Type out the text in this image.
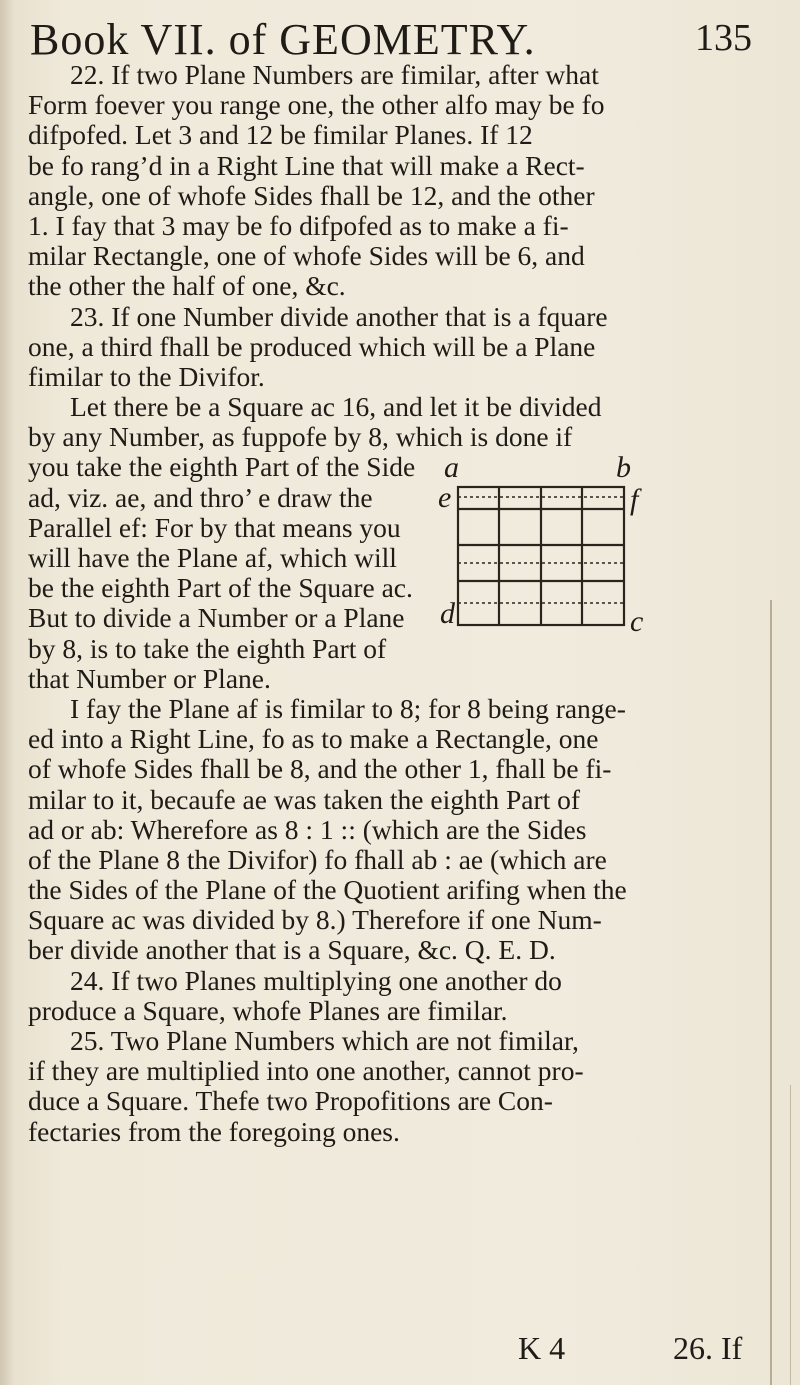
Book VII. of GEOMETRY.	135
22. If two Plane Numbers are fimilar, after what
Form foever you range one, the other alfo may be fo
difpofed. Let 3 and 12 be fimilar Planes. If 12
be fo rang’d in a Right Line that will make a Rect-
angle, one of whofe Sides fhall be 12, and the other
1. I fay that 3 may be fo difpofed as to make a fi-
milar Rectangle, one of whofe Sides will be 6, and
the other the half of one, &c.
23. If one Number divide another that is a fquare
one, a third fhall be produced which will be a Plane
fimilar to the Divifor.
Let there be a Square ac 16, and let it be divided
by any Number, as fuppofe by 8, which is done if
you take the eighth Part of the Side
ad, viz. ae, and thro’ e draw the
Parallel ef: For by that means you
will have the Plane af, which will
be the eighth Part of the Square ac.
But to divide a Number or a Plane
by 8, is to take the eighth Part of
that Number or Plane.
I fay the Plane af is fimilar to 8; for 8 being range-
ed into a Right Line, fo as to make a Rectangle, one
of whofe Sides fhall be 8, and the other 1, fhall be fi-
milar to it, becaufe ae was taken the eighth Part of
ad or ab: Wherefore as 8 : 1 :: (which are the Sides
of the Plane 8 the Divifor) fo fhall ab : ae (which are
the Sides of the Plane of the Quotient arifing when the
Square ac was divided by 8.) Therefore if one Num-
ber divide another that is a Square, &c. Q. E. D.
24. If two Planes multiplying one another do
produce a Square, whofe Planes are fimilar.
25. Two Plane Numbers which are not fimilar,
if they are multiplied into one another, cannot pro-
duce a Square. Thefe two Propofitions are Con-
fectaries from the foregoing ones.
a	b
e	f
d	c
K 4	26. If
